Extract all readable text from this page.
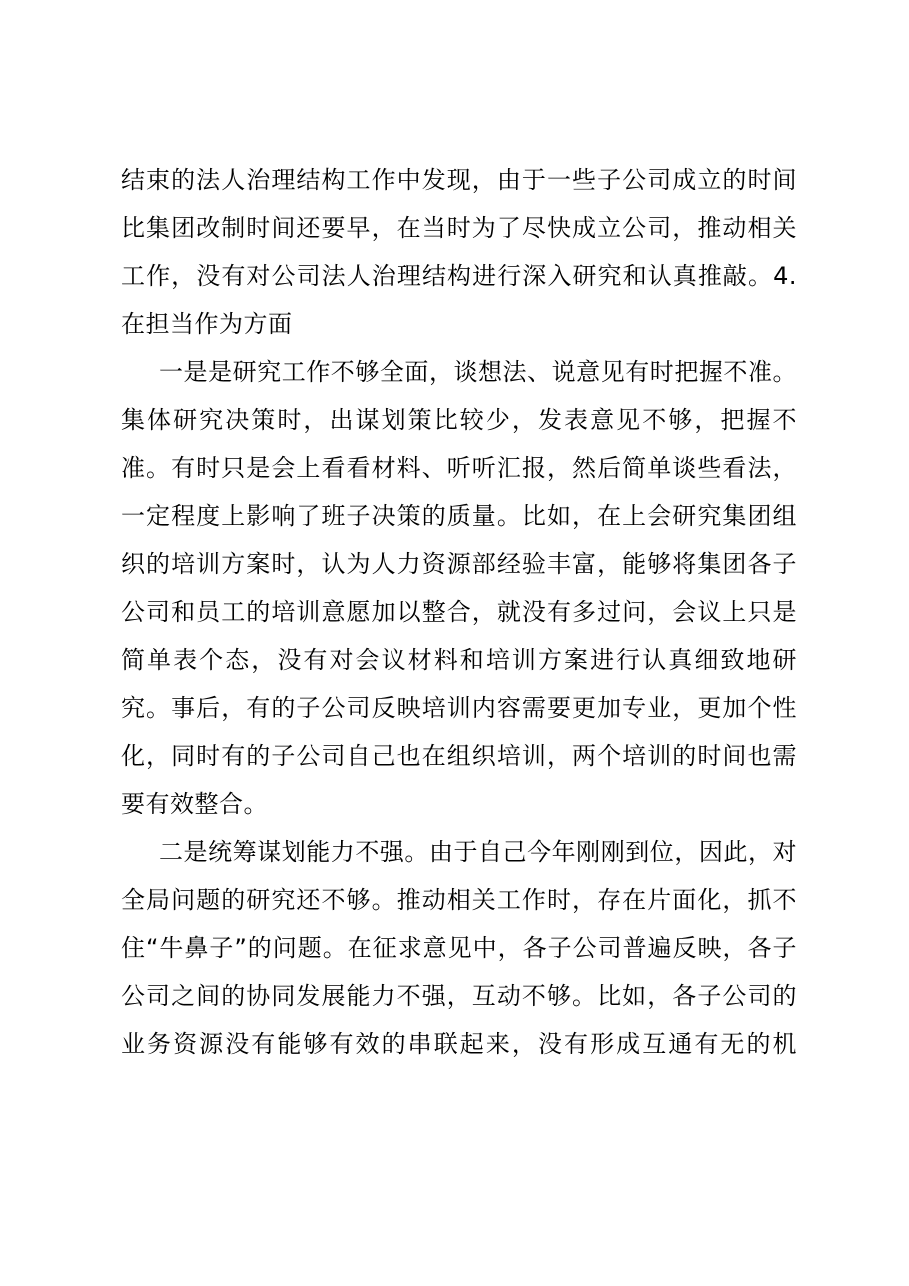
结束的法人治理结构工作中发现，由于一些子公司成立的时间
比集团改制时间还要早，在当时为了尽快成立公司，推动相关
工作，没有对公司法人治理结构进行深入研究和认真推敲。4.
在担当作为方面
一是是研究工作不够全面，谈想法、说意见有时把握不准。
集体研究决策时，出谋划策比较少，发表意见不够，把握不
准。有时只是会上看看材料、听听汇报，然后简单谈些看法，
一定程度上影响了班子决策的质量。比如，在上会研究集团组
织的培训方案时，认为人力资源部经验丰富，能够将集团各子
公司和员工的培训意愿加以整合，就没有多过问，会议上只是
简单表个态，没有对会议材料和培训方案进行认真细致地研
究。事后，有的子公司反映培训内容需要更加专业，更加个性
化，同时有的子公司自己也在组织培训，两个培训的时间也需
要有效整合。
二是统筹谋划能力不强。由于自己今年刚刚到位，因此，对
全局问题的研究还不够。推动相关工作时，存在片面化，抓不
住“牛鼻子”的问题。在征求意见中，各子公司普遍反映，各子
公司之间的协同发展能力不强，互动不够。比如，各子公司的
业务资源没有能够有效的串联起来，没有形成互通有无的机
